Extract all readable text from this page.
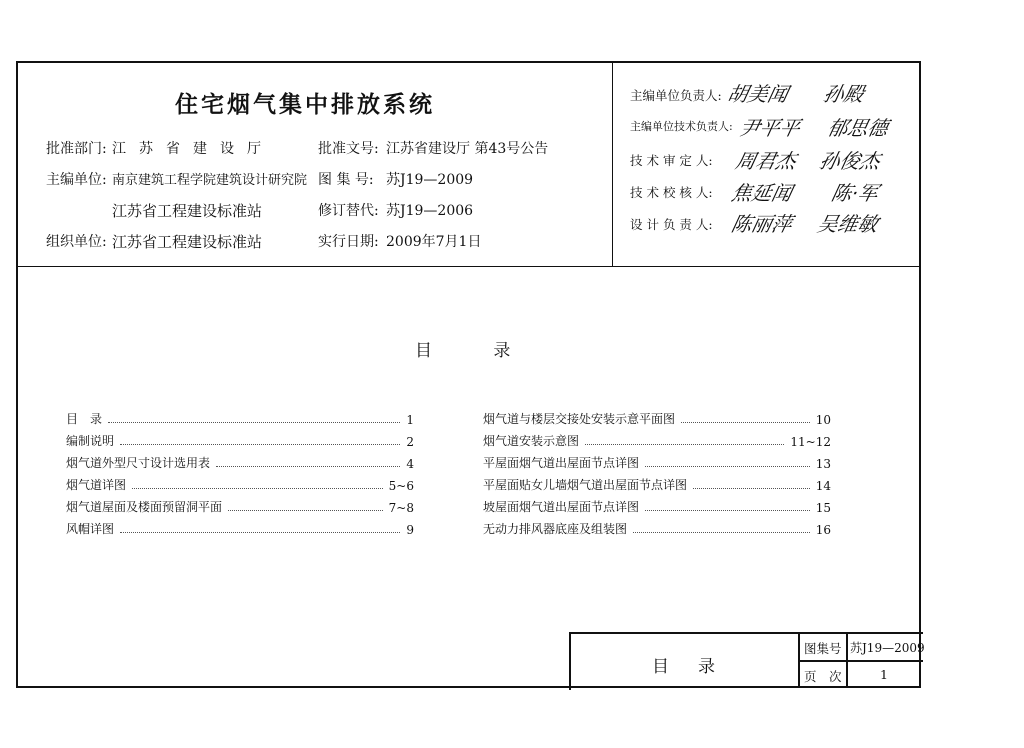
住宅烟气集中排放系统
批准部门: 江苏省建设厅
主编单位: 南京建筑工程学院建筑设计研究院
江苏省工程建设标准站
组织单位: 江苏省工程建设标准站
批准文号: 江苏省建设厅 第43号公告
图 集 号: 苏J19—2009
修订替代: 苏J19—2006
实行日期: 2009年7月1日
主编单位负责人: 胡美闻 孙殿
主编单位技术负责人: 尹平平 郁思德
技 术 审 定 人: 周君杰 孙俊杰
技 术 校 核 人: 焦延闻 陈·军
设 计 负 责 人: 陈丽萍 吴维敏
目 录
目　录	1
编制说明	2
烟气道外型尺寸设计选用表	4
烟气道详图	5~6
烟气道屋面及楼面预留洞平面	7~8
风帽详图	9
烟气道与楼层交接处安装示意平面图	10
烟气道安装示意图	11~12
平屋面烟气道出屋面节点详图	13
平屋面贴女儿墙烟气道出屋面节点详图	14
坡屋面烟气道出屋面节点详图	15
无动力排风器底座及组装图	16
目　录
图集号 苏J19—2009
页　次	1
